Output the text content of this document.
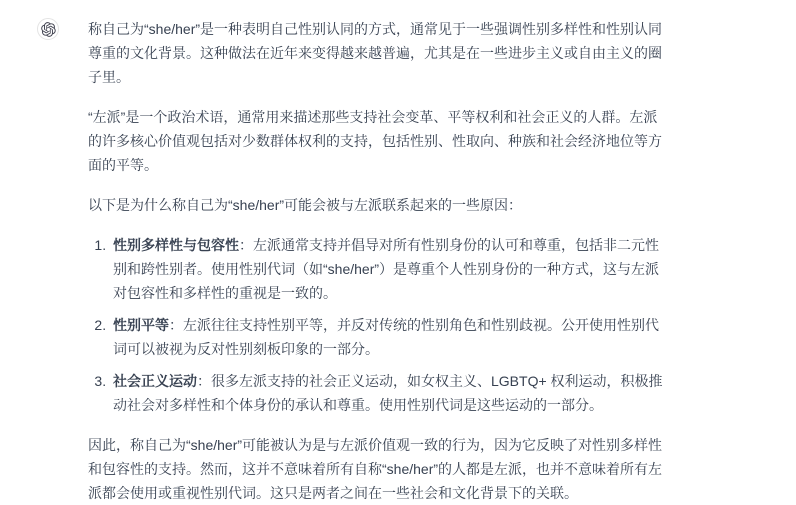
称自己为“she/her”是一种表明自己性别认同的方式，通常见于一些强调性别多样性和性别认同尊重的文化背景。这种做法在近年来变得越来越普遍，尤其是在一些进步主义或自由主义的圈子里。

“左派”是一个政治术语，通常用来描述那些支持社会变革、平等权利和社会正义的人群。左派的许多核心价值观包括对少数群体权利的支持，包括性别、性取向、种族和社会经济地位等方面的平等。

以下是为什么称自己为“she/her”可能会被与左派联系起来的一些原因：

1. 性别多样性与包容性：左派通常支持并倡导对所有性别身份的认可和尊重，包括非二元性别和跨性别者。使用性别代词（如“she/her”）是尊重个人性别身份的一种方式，这与左派对包容性和多样性的重视是一致的。
2. 性别平等：左派往往支持性别平等，并反对传统的性别角色和性别歧视。公开使用性别代词可以被视为反对性别刻板印象的一部分。
3. 社会正义运动：很多左派支持的社会正义运动，如女权主义、LGBTQ+ 权利运动，积极推动社会对多样性和个体身份的承认和尊重。使用性别代词是这些运动的一部分。

因此，称自己为“she/her”可能被认为是与左派价值观一致的行为，因为它反映了对性别多样性和包容性的支持。然而，这并不意味着所有自称“she/her”的人都是左派，也并不意味着所有左派都会使用或重视性别代词。这只是两者之间在一些社会和文化背景下的关联。
